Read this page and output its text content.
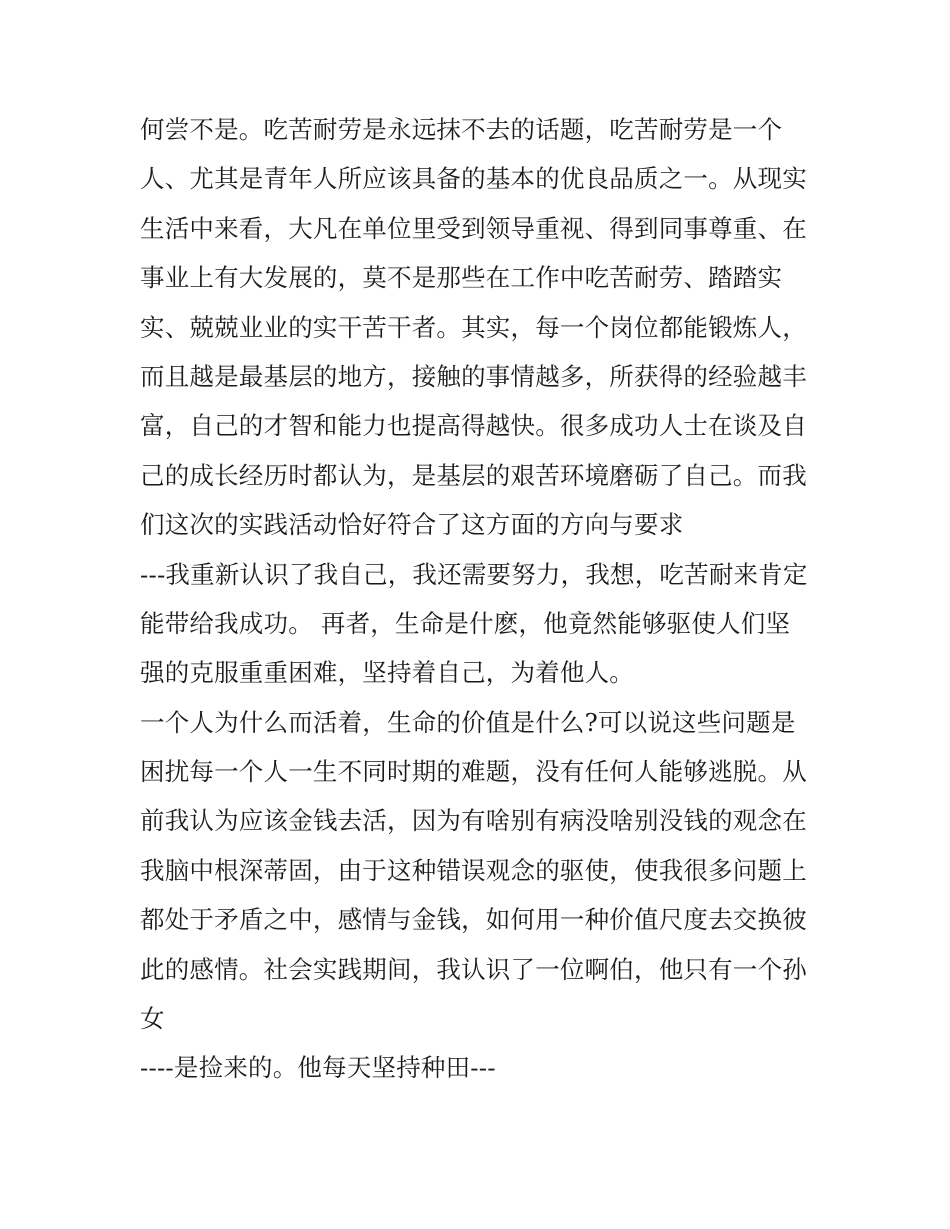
何尝不是。吃苦耐劳是永远抹不去的话题，吃苦耐劳是一个
人、尤其是青年人所应该具备的基本的优良品质之一。从现实
生活中来看，大凡在单位里受到领导重视、得到同事尊重、在
事业上有大发展的，莫不是那些在工作中吃苦耐劳、踏踏实
实、兢兢业业的实干苦干者。其实，每一个岗位都能锻炼人，
而且越是最基层的地方，接触的事情越多，所获得的经验越丰
富，自己的才智和能力也提高得越快。很多成功人士在谈及自
己的成长经历时都认为，是基层的艰苦环境磨砺了自己。而我
们这次的实践活动恰好符合了这方面的方向与要求
---我重新认识了我自己，我还需要努力，我想，吃苦耐来肯定
能带给我成功。 再者，生命是什麽，他竟然能够驱使人们坚
强的克服重重困难，坚持着自己，为着他人。
一个人为什么而活着，生命的价值是什么?可以说这些问题是
困扰每一个人一生不同时期的难题，没有任何人能够逃脱。从
前我认为应该金钱去活，因为有啥别有病没啥别没钱的观念在
我脑中根深蒂固，由于这种错误观念的驱使，使我很多问题上
都处于矛盾之中，感情与金钱，如何用一种价值尺度去交换彼
此的感情。社会实践期间，我认识了一位啊伯，他只有一个孙
女
----是捡来的。他每天坚持种田---
